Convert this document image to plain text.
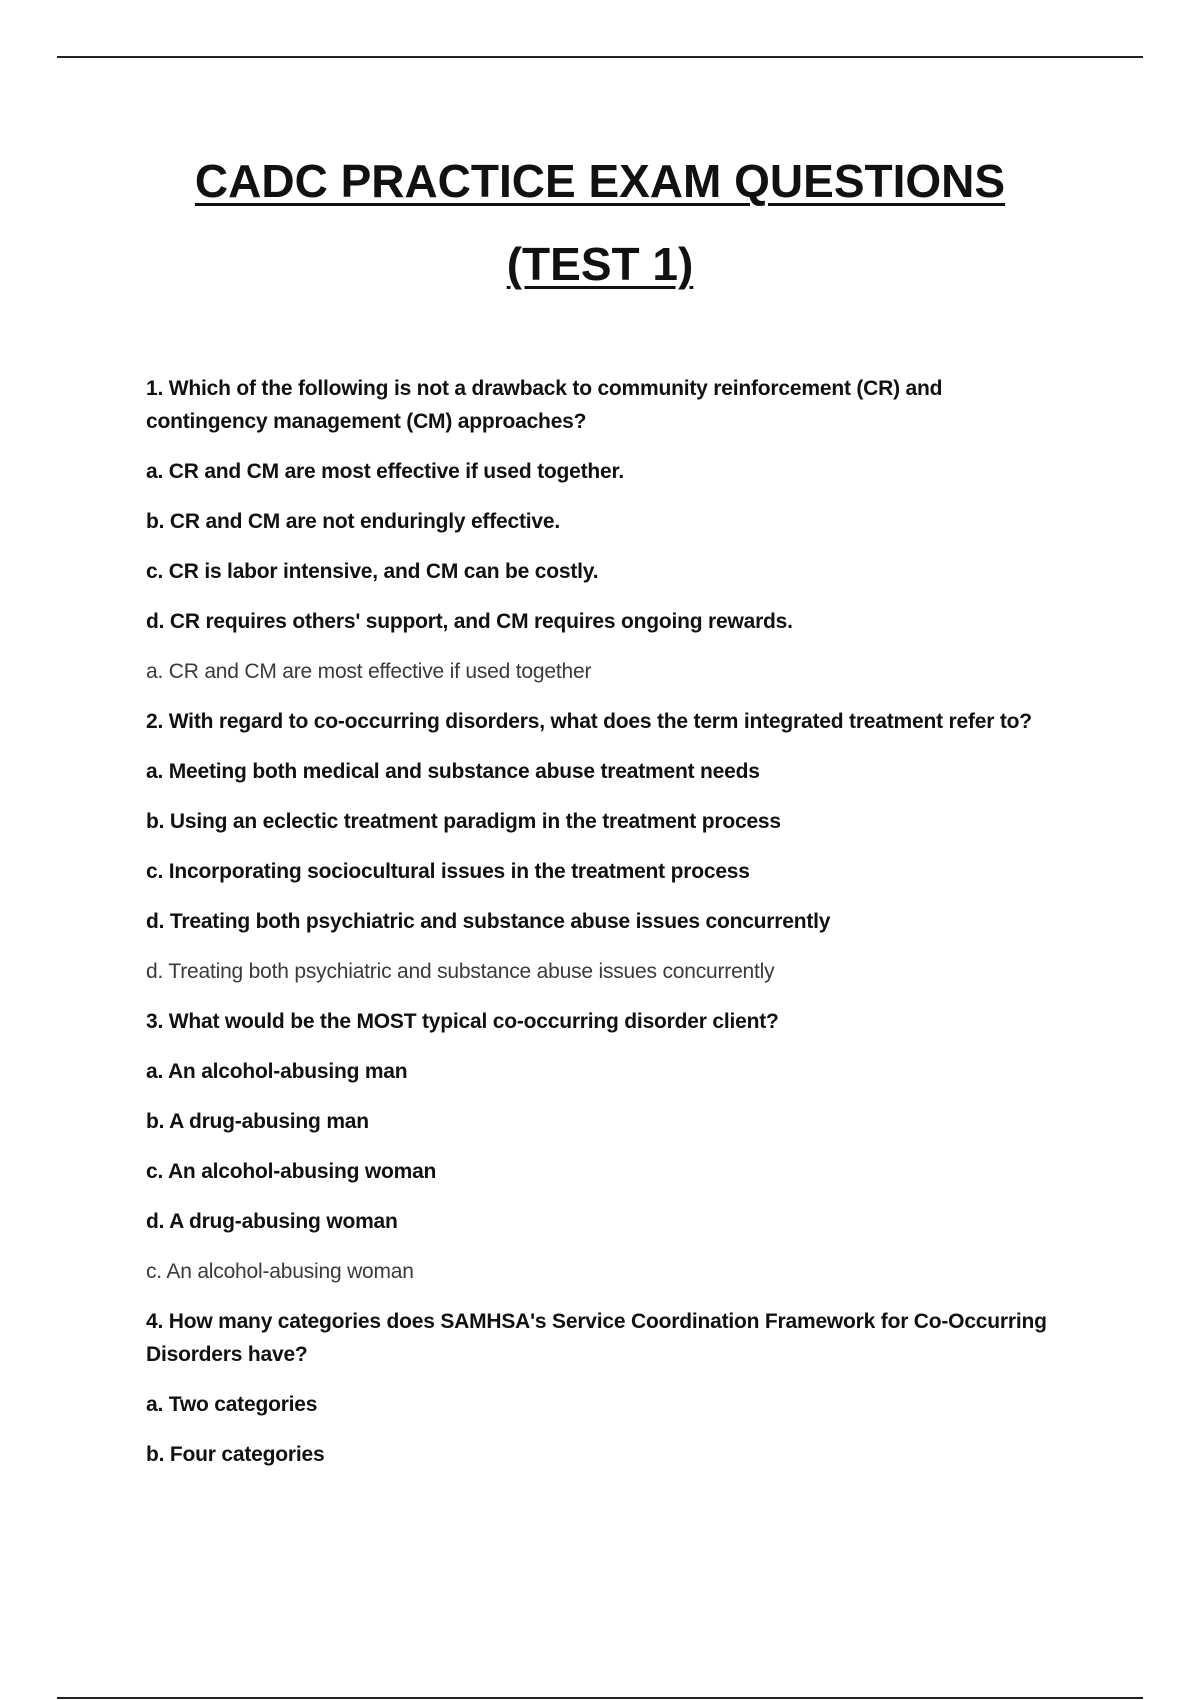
CADC PRACTICE EXAM QUESTIONS
(TEST 1)

1. Which of the following is not a drawback to community reinforcement (CR) and contingency management (CM) approaches?

a. CR and CM are most effective if used together.

b. CR and CM are not enduringly effective.

c. CR is labor intensive, and CM can be costly.

d. CR requires others' support, and CM requires ongoing rewards.

a. CR and CM are most effective if used together

2. With regard to co-occurring disorders, what does the term integrated treatment refer to?

a. Meeting both medical and substance abuse treatment needs

b. Using an eclectic treatment paradigm in the treatment process

c. Incorporating sociocultural issues in the treatment process

d. Treating both psychiatric and substance abuse issues concurrently

d. Treating both psychiatric and substance abuse issues concurrently

3. What would be the MOST typical co-occurring disorder client?

a. An alcohol-abusing man

b. A drug-abusing man

c. An alcohol-abusing woman

d. A drug-abusing woman

c. An alcohol-abusing woman

4. How many categories does SAMHSA's Service Coordination Framework for Co-Occurring Disorders have?

a. Two categories

b. Four categories
